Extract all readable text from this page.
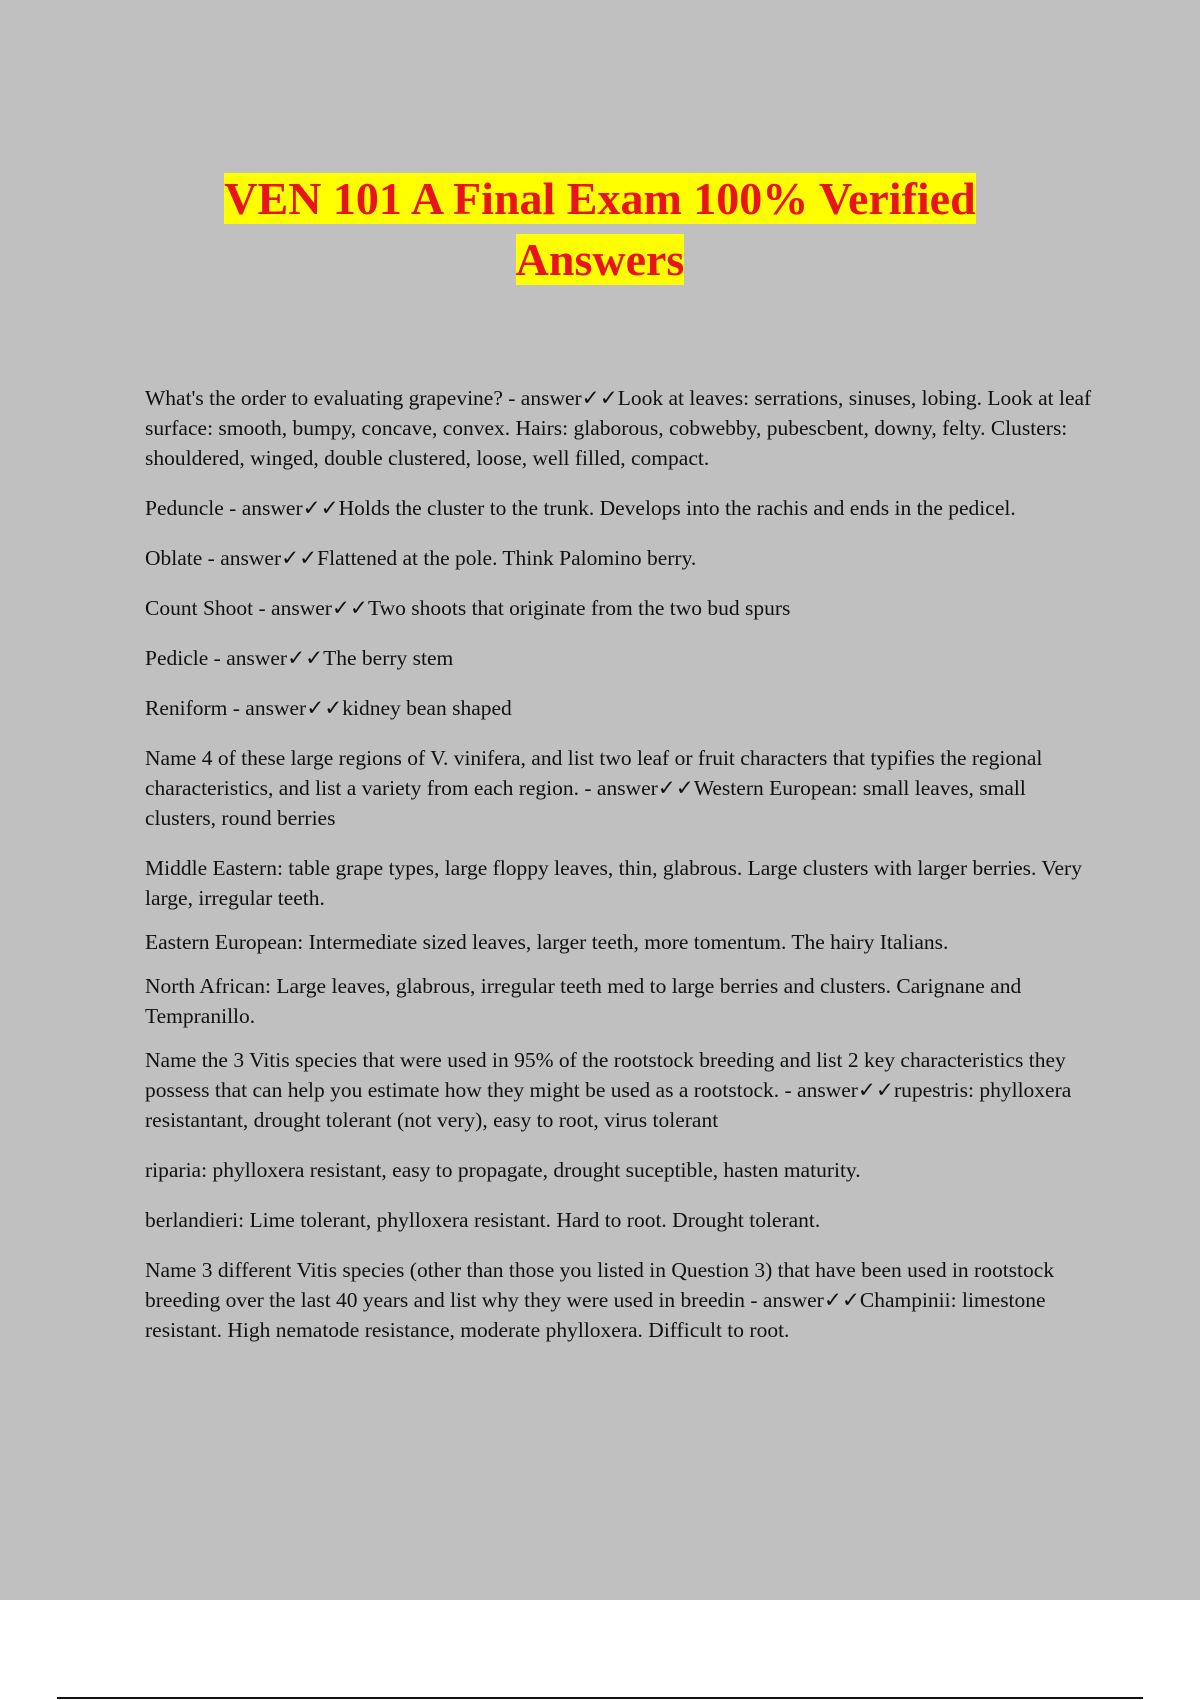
VEN 101 A Final Exam 100% Verified
Answers

What's the order to evaluating grapevine? - answer✓✓Look at leaves: serrations, sinuses, lobing. Look at leaf surface: smooth, bumpy, concave, convex. Hairs: glaborous, cobwebby, pubescbent, downy, felty. Clusters: shouldered, winged, double clustered, loose, well filled, compact.

Peduncle - answer✓✓Holds the cluster to the trunk. Develops into the rachis and ends in the pedicel.

Oblate - answer✓✓Flattened at the pole. Think Palomino berry.

Count Shoot - answer✓✓Two shoots that originate from the two bud spurs

Pedicle - answer✓✓The berry stem

Reniform - answer✓✓kidney bean shaped

Name 4 of these large regions of V. vinifera, and list two leaf or fruit characters that typifies the regional characteristics, and list a variety from each region. - answer✓✓Western European: small leaves, small clusters, round berries

Middle Eastern: table grape types, large floppy leaves, thin, glabrous. Large clusters with larger berries. Very large, irregular teeth.

Eastern European: Intermediate sized leaves, larger teeth, more tomentum. The hairy Italians.

North African: Large leaves, glabrous, irregular teeth med to large berries and clusters. Carignane and Tempranillo.

Name the 3 Vitis species that were used in 95% of the rootstock breeding and list 2 key characteristics they possess that can help you estimate how they might be used as a rootstock. - answer✓✓rupestris: phylloxera resistantant, drought tolerant (not very), easy to root, virus tolerant

riparia: phylloxera resistant, easy to propagate, drought suceptible, hasten maturity.

berlandieri: Lime tolerant, phylloxera resistant. Hard to root. Drought tolerant.

Name 3 different Vitis species (other than those you listed in Question 3) that have been used in rootstock breeding over the last 40 years and list why they were used in breedin - answer✓✓Champinii: limestone resistant. High nematode resistance, moderate phylloxera. Difficult to root.
